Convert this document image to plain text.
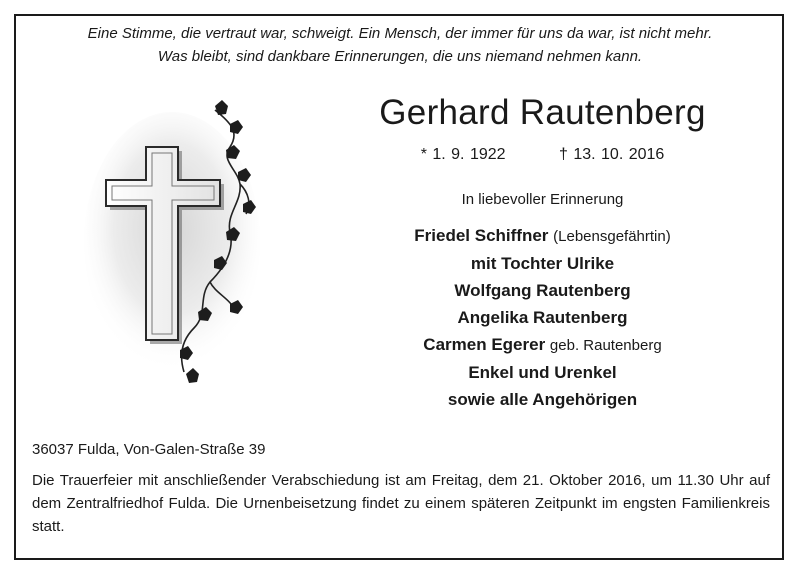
Eine Stimme, die vertraut war, schweigt. Ein Mensch, der immer für uns da war, ist nicht mehr.
Was bleibt, sind dankbare Erinnerungen, die uns niemand nehmen kann.
Gerhard Rautenberg
* 1. 9. 1922	† 13. 10. 2016
In liebevoller Erinnerung
Friedel Schiffner (Lebensgefährtin)
mit Tochter Ulrike
Wolfgang Rautenberg
Angelika Rautenberg
Carmen Egerer geb. Rautenberg
Enkel und Urenkel
sowie alle Angehörigen
36037 Fulda, Von-Galen-Straße 39
Die Trauerfeier mit anschließender Verabschiedung ist am Freitag, dem 21. Oktober 2016, um 11.30 Uhr auf dem Zentralfriedhof Fulda. Die Urnenbeisetzung findet zu einem späteren Zeitpunkt im engsten Familienkreis statt.
